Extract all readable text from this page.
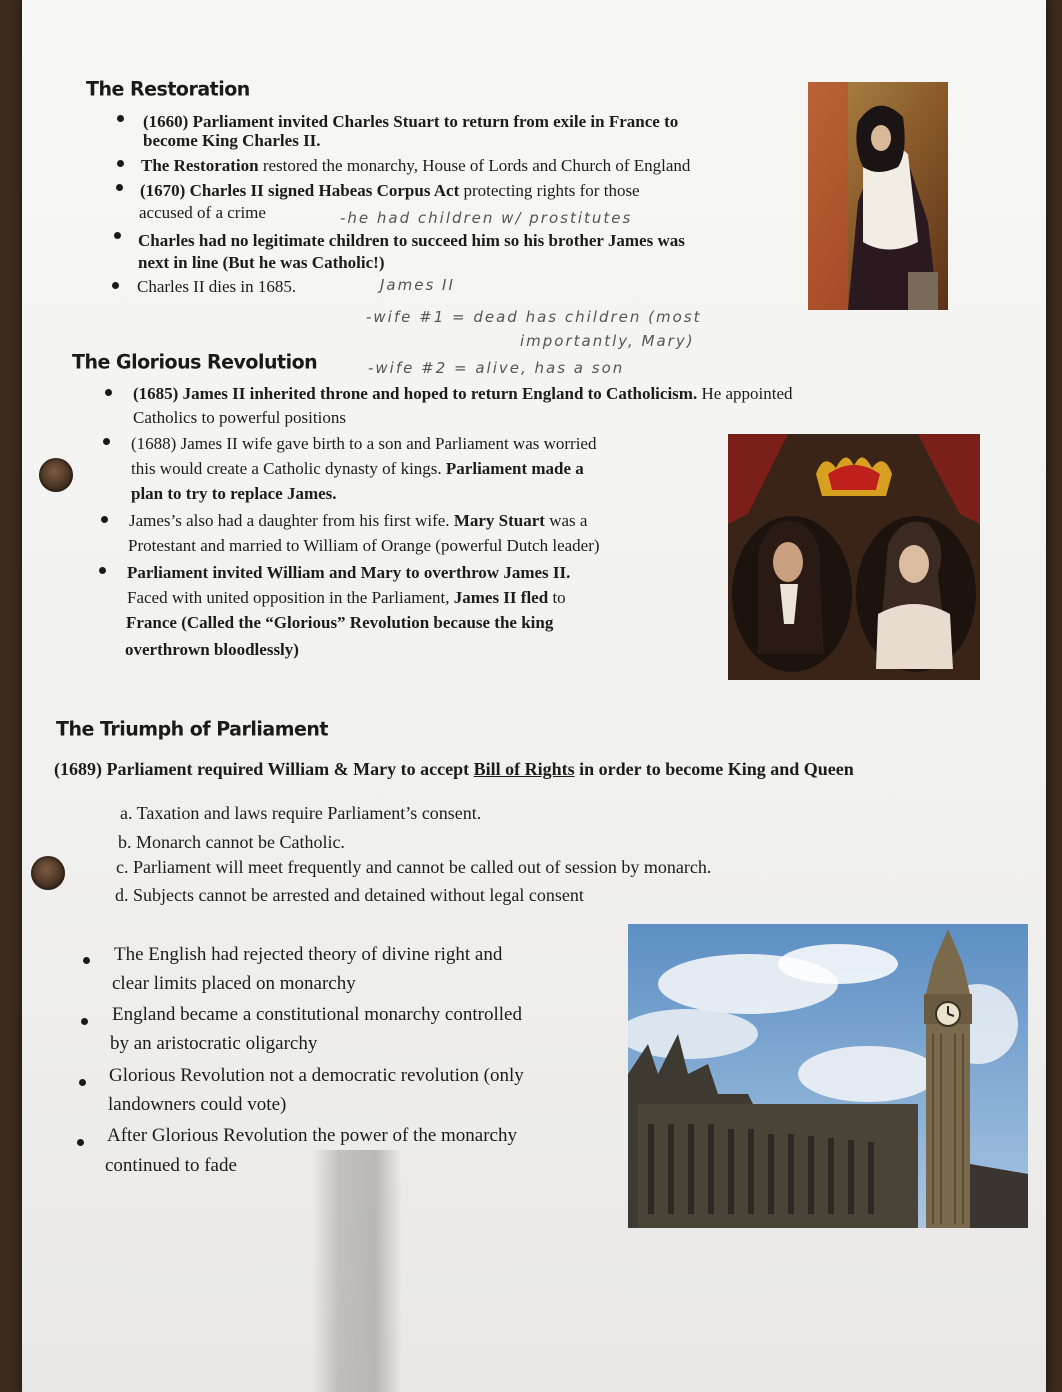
The Restoration
(1660) Parliament invited Charles Stuart to return from exile in France to
become King Charles II.
The Restoration restored the monarchy, House of Lords and Church of England
(1670) Charles II signed Habeas Corpus Act protecting rights for those
accused of a crime	-he had children w/ prostitutes
Charles had no legitimate children to succeed him so his brother James was
next in line (But he was Catholic!)
Charles II dies in 1685.	James II
-wife #1 = dead has children (most
importantly, Mary)
-wife #2 = alive, has a son
The Glorious Revolution
(1685) James II inherited throne and hoped to return England to Catholicism. He appointed
Catholics to powerful positions
(1688) James II wife gave birth to a son and Parliament was worried
this would create a Catholic dynasty of kings. Parliament made a
plan to try to replace James.
James’s also had a daughter from his first wife. Mary Stuart was a
Protestant and married to William of Orange (powerful Dutch leader)
Parliament invited William and Mary to overthrow James II.
Faced with united opposition in the Parliament, James II fled to
France (Called the “Glorious” Revolution because the king
overthrown bloodlessly)
The Triumph of Parliament
(1689) Parliament required William & Mary to accept Bill of Rights in order to become King and Queen
a. Taxation and laws require Parliament’s consent.
b. Monarch cannot be Catholic.
c. Parliament will meet frequently and cannot be called out of session by monarch.
d. Subjects cannot be arrested and detained without legal consent
The English had rejected theory of divine right and
clear limits placed on monarchy
England became a constitutional monarchy controlled
by an aristocratic oligarchy
Glorious Revolution not a democratic revolution (only
landowners could vote)
After Glorious Revolution the power of the monarchy
continued to fade
